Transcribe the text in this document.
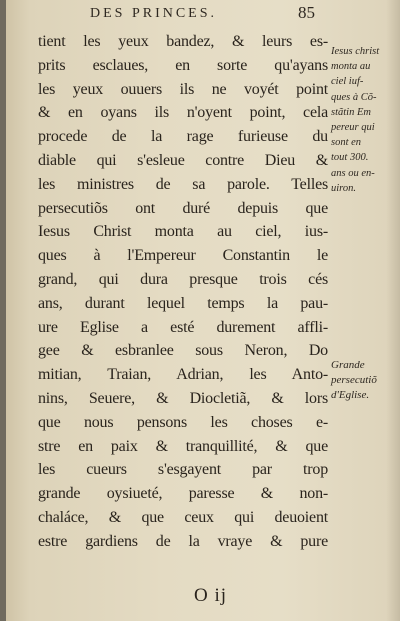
DES PRINCES.	85
tient les yeux bandez, & leurs es-
prits esclaues, en sorte qu'ayans
les yeux ouuers ils ne voyét point
& en oyans ils n'oyent point, cela
procede de la rage furieuse du
diable qui s'esleue contre Dieu &
les ministres de sa parole. Telles
persecutiõs ont duré depuis que
Iesus Christ monta au ciel, ius-
ques à l'Empereur Constantin le
grand, qui dura presque trois cés
ans, durant lequel temps la pau-
ure Eglise a esté durement affli-
gee & esbranlee sous Neron, Do
mitian, Traian, Adrian, les Anto-
nins, Seuere, & Diocletiã, & lors
que nous pensons les choses e-
stre en paix & tranquillité, & que
les cueurs s'esgayent par trop
grande oysiueté, paresse & non-
chaláce, & que ceux qui deuoient
estre gardiens de la vraye & pure
Iesus christ
monta au
ciel iuf-
ques à Cõ-
stãtin Em
pereur qui
sont en
tout 300.
ans ou en-
uiron.
Grande
persecutiõ
d'Eglise.
O ij
